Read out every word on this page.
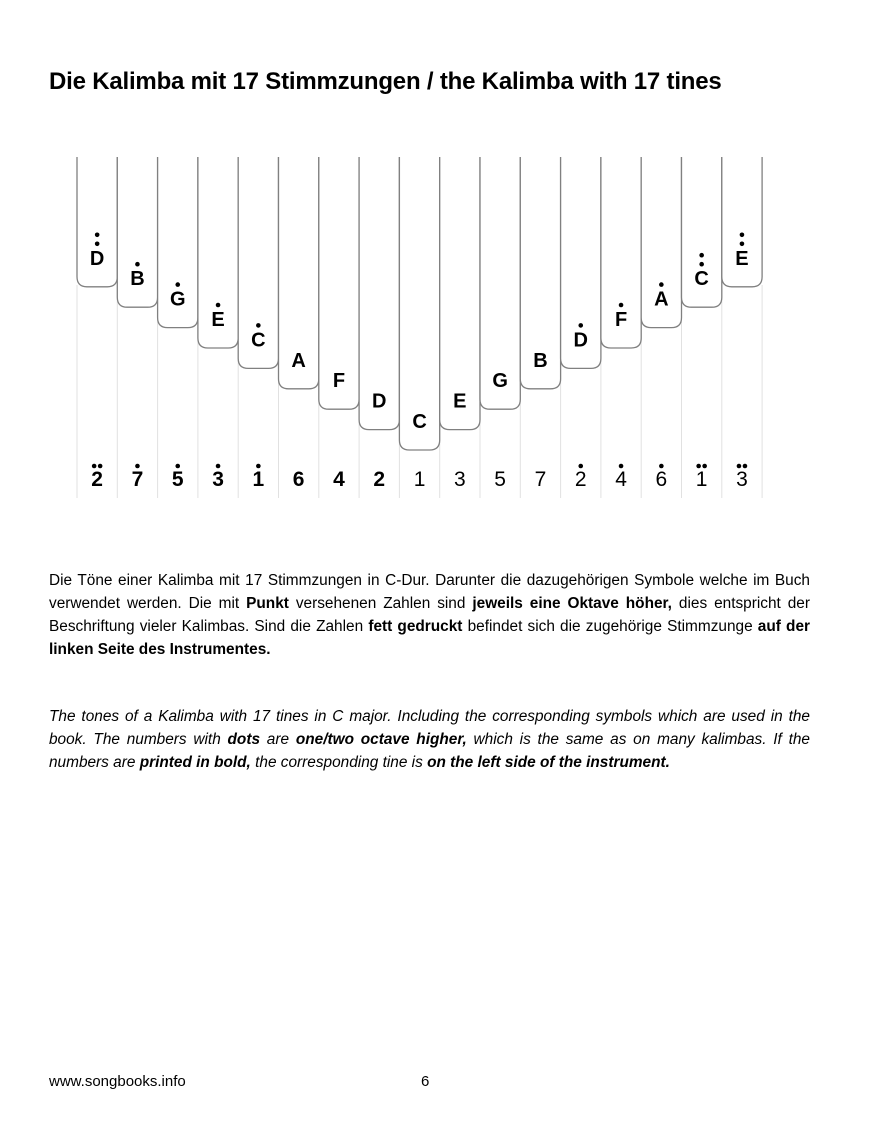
Die Kalimba mit 17 Stimmzungen / the Kalimba with 17 tines
D
B
G
E
C
A
F
D
C
E
G
B
D
F
A
C
E
2 7 5 3 1 6 4 2 1 3 5 7 2 4 6 1 3

Die Töne einer Kalimba mit 17 Stimmzungen in C-Dur. Darunter die dazugehörigen Symbole welche im Buch verwendet werden. Die mit Punkt versehenen Zahlen sind jeweils eine Oktave höher, dies entspricht der Beschriftung vieler Kalimbas. Sind die Zahlen fett gedruckt befindet sich die zugehörige Stimmzunge auf der linken Seite des Instrumentes.

The tones of a Kalimba with 17 tines in C major. Including the corresponding symbols which are used in the book. The numbers with dots are one/two octave higher, which is the same as on many kalimbas. If the numbers are printed in bold, the corresponding tine is on the left side of the instrument.

www.songbooks.info	6
